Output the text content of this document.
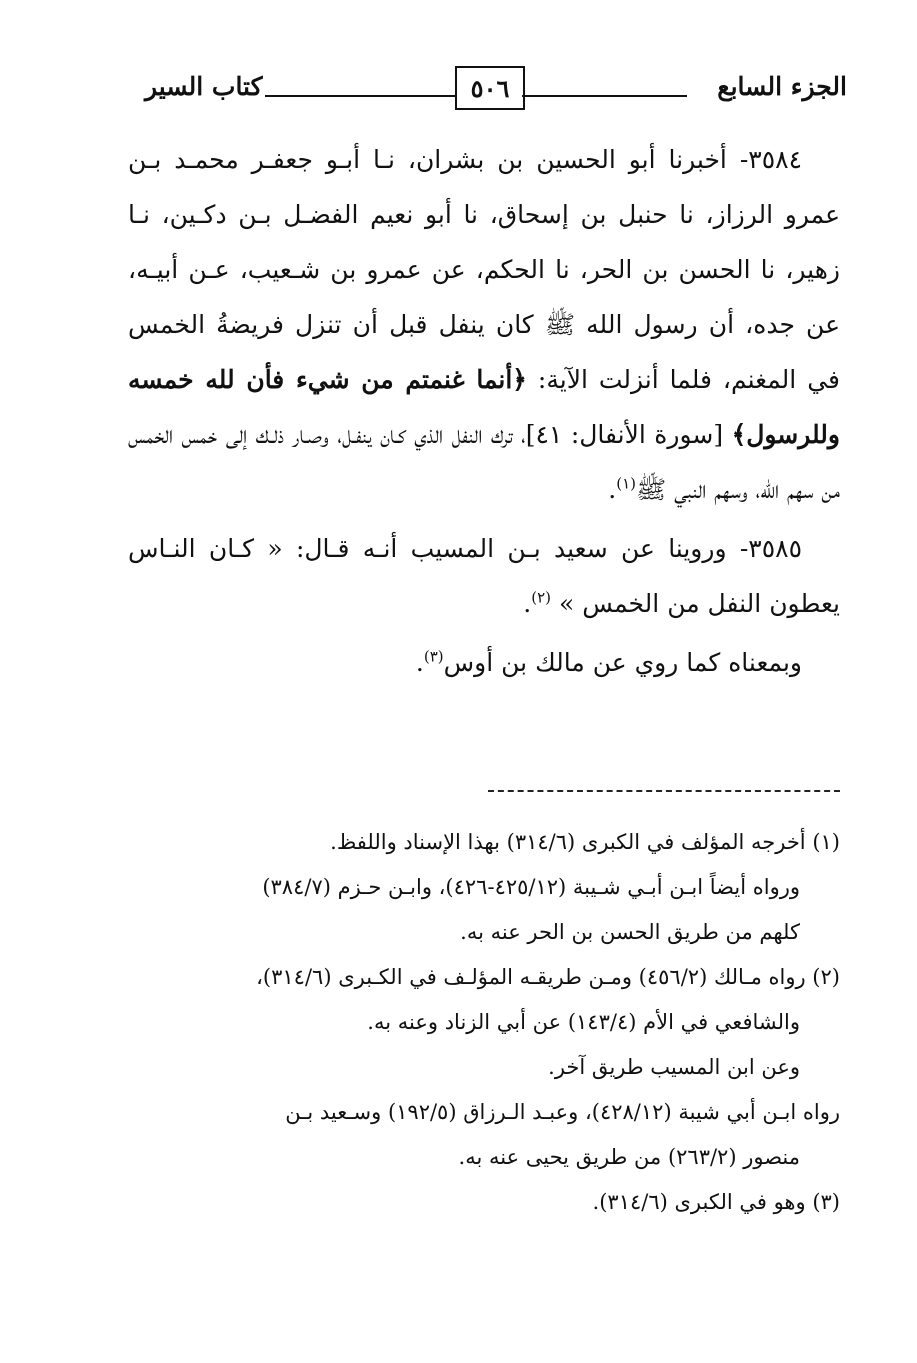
الجزء السابع
٥٠٦
كتاب السير

٣٥٨٤- أخبرنا أبو الحسين بن بشران، نـا أبـو جعفـر محمـد بـن عمرو الرزاز، نا حنبل بن إسحاق، نا أبو نعيم الفضـل بـن دكـين، نـا زهير، نا الحسن بن الحر، نا الحكم، عن عمرو بن شـعيب، عـن أبيـه، عن جده، أن رسول الله ﷺ كان ينفل قبل أن تنزل فريضةُ الخمس في المغنم، فلما أنزلت الآية: ﴿أنما غنمتم من شيء فأن لله خمسه وللرسول﴾ [سورة الأنفال: ٤١]، ترك النفل الذي كـان ينفـل، وصـار ذلـك إلى خمس الخمس من سهم الله، وسهم النبي ﷺ$^{(١)}$.

٣٥٨٥- وروينا عن سعيد بـن المسيب أنـه قـال: « كـان النـاس يعطون النفل من الخمس » $^{(٢)}$.

وبمعناه كما روي عن مالك بن أوس$^{(٣)}$.

(١) أخرجه المؤلف في الكبرى (٣١٤/٦) بهذا الإسناد واللفظ.

ورواه أيضاً ابـن أبـي شـيبة (٤٢٥/١٢-٤٢٦)، وابـن حـزم (٣٨٤/٧)

كلهم من طريق الحسن بن الحر عنه به.

(٢) رواه مـالك (٤٥٦/٢) ومـن طريقـه المؤلـف في الكـبرى (٣١٤/٦)،

والشافعي في الأم (١٤٣/٤) عن أبي الزناد وعنه به.

وعن ابن المسيب طريق آخر.

رواه ابـن أبي شيبة (٤٢٨/١٢)، وعبـد الـرزاق (١٩٢/٥) وسـعيد بـن

منصور (٢٦٣/٢) من طريق يحيى عنه به.

(٣) وهو في الكبرى (٣١٤/٦).
